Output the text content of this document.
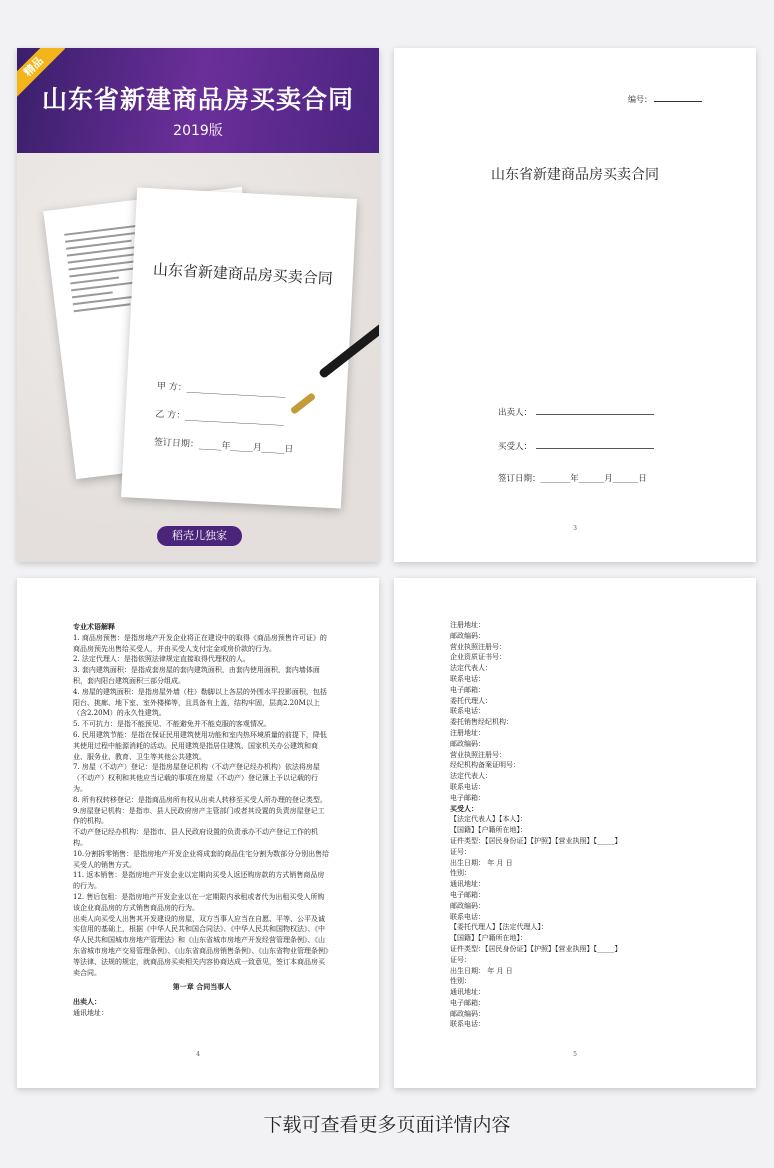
精品
山东省新建商品房买卖合同
2019版
山东省新建商品房买卖合同
甲 方：______________________
乙 方：______________________
签订日期：_____年_____月_____日
稻壳儿独家
编号：
山东省新建商品房买卖合同
出卖人：
买受人：
签订日期：_______年______月______日
3

专业术语解释

1. 商品房预售：是指房地产开发企业将正在建设中的取得《商品房预售许可证》的商品房预先出售给买受人，并由买受人支付定金或房价款的行为。

2. 法定代理人：是指依照法律规定直接取得代理权的人。

3. 套内建筑面积：是指成套房屋的套内建筑面积，由套内使用面积，套内墙体面积，套内阳台建筑面积三部分组成。

4. 房屋的建筑面积：是指房屋外墙（柱）勒脚以上各层的外围水平投影面积，包括阳台、挑廊、地下室、室外楼梯等，且具备有上盖，结构牢固，层高2.20M以上（含2.20M）的永久性建筑。

5. 不可抗力：是指不能预见、不能避免并不能克服的客观情况。

6. 民用建筑节能：是指在保证民用建筑使用功能和室内热环境质量的前提下，降低其使用过程中能源消耗的活动。民用建筑是指居住建筑、国家机关办公建筑和商业、服务业、教育、卫生等其他公共建筑。

7. 房屋（不动产）登记：是指房屋登记机构（不动产登记经办机构）依法将房屋（不动产）权利和其他应当记载的事项在房屋（不动产）登记簿上予以记载的行为。

8. 所有权转移登记：是指商品房所有权从出卖人转移至买受人所办理的登记类型。

9.房屋登记机构：是指市、县人民政府房产主管部门或者其设置的负责房屋登记工作的机构。

不动产登记经办机构：是指市、县人民政府设置的负责承办不动产登记工作的机构。

10.分割拆零销售：是指房地产开发企业将成套的商品住宅分割为数部分分别出售给买受人的销售方式。

11. 返本销售：是指房地产开发企业以定期向买受人返还购房款的方式销售商品房的行为。

12. 售后包租：是指房地产开发企业以在一定期限内承租或者代为出租买受人所购该企业商品房的方式销售商品房的行为。

出卖人向买受人出售其开发建设的房屋，双方当事人应当在自愿、平等、公平及诚实信用的基础上，根据《中华人民共和国合同法》、《中华人民共和国物权法》、《中华人民共和国城市房地产管理法》和《山东省城市房地产开发经营管理条例》、《山东省城市房地产交易管理条例》、《山东省商品房销售条例》、《山东省物业管理条例》等法律、法规的规定，就商品房买卖相关内容协商达成一致意见，签订本商品房买卖合同。

第一章 合同当事人

出卖人：

通讯地址：

4

注册地址：

邮政编码：

营业执照注册号：

企业资质证书号：

法定代表人：

联系电话：

电子邮箱：

委托代理人：

联系电话：

委托销售经纪机构：

注册地址：

邮政编码：

营业执照注册号：

经纪机构备案证明号：

法定代表人：

联系电话：

电子邮箱：

买受人：

【法定代表人】【本人】：

【国籍】【户籍所在地】：

证件类型：【居民身份证】【护照】【营业执照】【_____】

证号：

出生日期： 年 月 日

性别：

通讯地址：

电子邮箱：

邮政编码：

联系电话：

【委托代理人】【法定代理人】：

【国籍】【户籍所在地】：

证件类型：【居民身份证】【护照】【营业执照】【_____】

证号：

出生日期： 年 月 日

性别：

通讯地址：

电子邮箱：

邮政编码：

联系电话：

5
下载可查看更多页面详情内容
